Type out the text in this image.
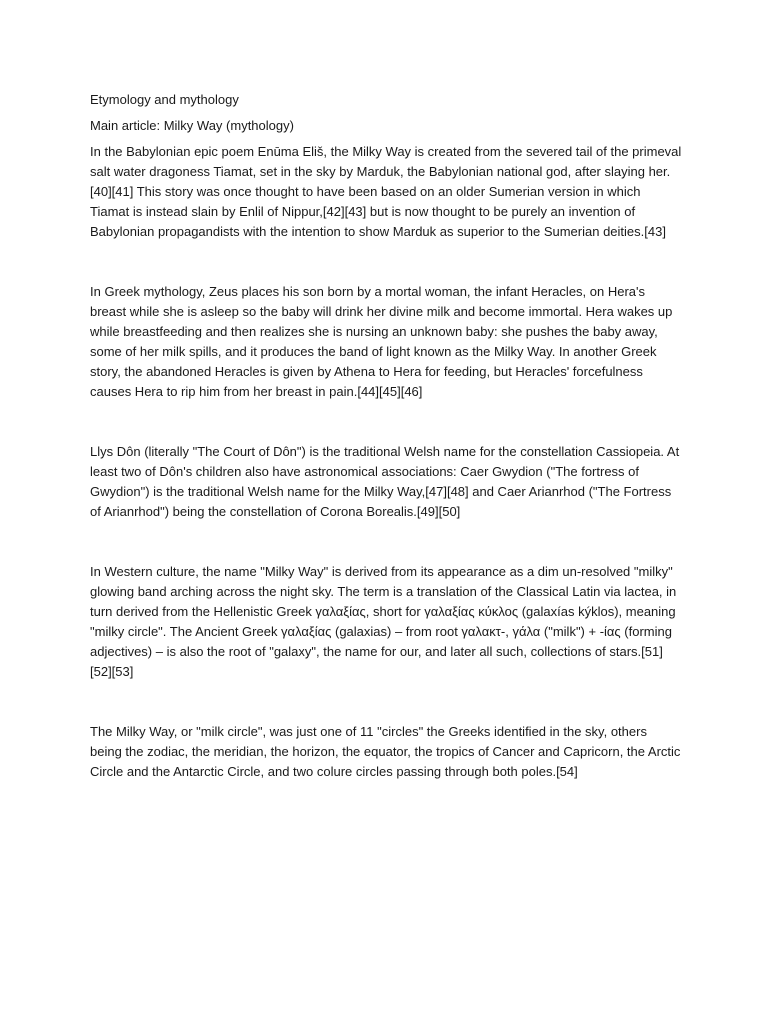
Etymology and mythology

Main article: Milky Way (mythology)

In the Babylonian epic poem Enūma Eliš, the Milky Way is created from the severed tail of the primeval salt water dragoness Tiamat, set in the sky by Marduk, the Babylonian national god, after slaying her.[40][41] This story was once thought to have been based on an older Sumerian version in which Tiamat is instead slain by Enlil of Nippur,[42][43] but is now thought to be purely an invention of Babylonian propagandists with the intention to show Marduk as superior to the Sumerian deities.[43]

In Greek mythology, Zeus places his son born by a mortal woman, the infant Heracles, on Hera's breast while she is asleep so the baby will drink her divine milk and become immortal. Hera wakes up while breastfeeding and then realizes she is nursing an unknown baby: she pushes the baby away, some of her milk spills, and it produces the band of light known as the Milky Way. In another Greek story, the abandoned Heracles is given by Athena to Hera for feeding, but Heracles' forcefulness causes Hera to rip him from her breast in pain.[44][45][46]

Llys Dôn (literally "The Court of Dôn") is the traditional Welsh name for the constellation Cassiopeia. At least two of Dôn's children also have astronomical associations: Caer Gwydion ("The fortress of Gwydion") is the traditional Welsh name for the Milky Way,[47][48] and Caer Arianrhod ("The Fortress of Arianrhod") being the constellation of Corona Borealis.[49][50]

In Western culture, the name "Milky Way" is derived from its appearance as a dim un-resolved "milky" glowing band arching across the night sky. The term is a translation of the Classical Latin via lactea, in turn derived from the Hellenistic Greek γαλαξίας, short for γαλαξίας κύκλος (galaxías kýklos), meaning "milky circle". The Ancient Greek γαλαξίας (galaxias) – from root γαλακτ-, γάλα ("milk") + -ίας (forming adjectives) – is also the root of "galaxy", the name for our, and later all such, collections of stars.[51][52][53]

The Milky Way, or "milk circle", was just one of 11 "circles" the Greeks identified in the sky, others being the zodiac, the meridian, the horizon, the equator, the tropics of Cancer and Capricorn, the Arctic Circle and the Antarctic Circle, and two colure circles passing through both poles.[54]
